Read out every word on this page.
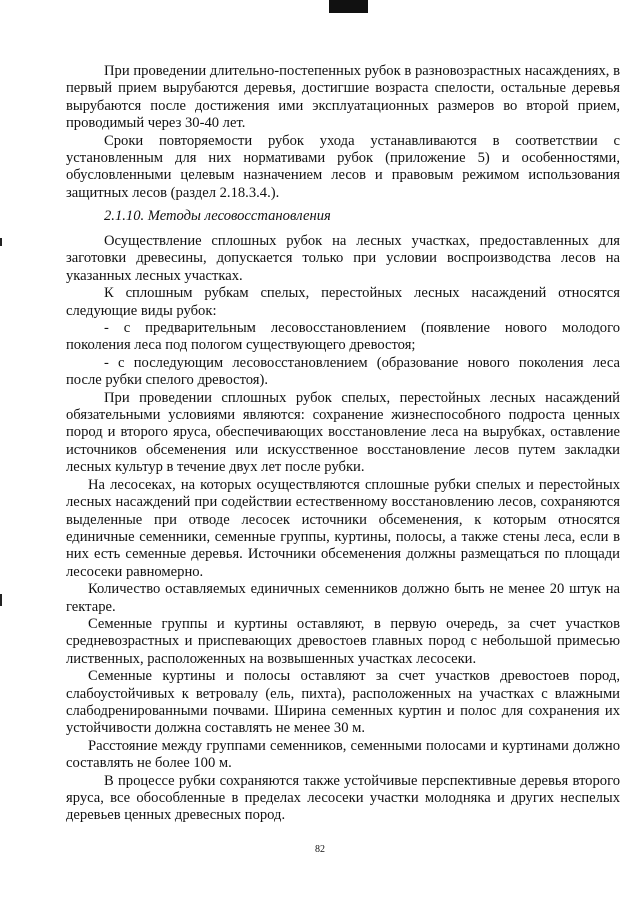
При проведении длительно-постепенных рубок в разновозрастных насаждениях, в первый прием вырубаются деревья, достигшие возраста спелости, остальные деревья вырубаются после достижения ими эксплуатационных размеров во второй прием, проводимый через 30-40 лет.

Сроки повторяемости рубок ухода устанавливаются в соответствии с установленным для них нормативами рубок (приложение 5) и особенностями, обусловленными целевым назначением лесов и правовым режимом использования защитных лесов (раздел 2.18.3.4.).

2.1.10. Методы лесовосстановления

Осуществление сплошных рубок на лесных участках, предоставленных для заготовки древесины, допускается только при условии воспроизводства лесов на указанных лесных участках.

К сплошным рубкам спелых, перестойных лесных насаждений относятся следующие виды рубок:

- с предварительным лесовосстановлением (появление нового молодого поколения леса под пологом существующего древостоя;

- с последующим лесовосстановлением (образование нового поколения леса после рубки спелого древостоя).

При проведении сплошных рубок спелых, перестойных лесных насаждений обязательными условиями являются: сохранение жизнеспособного подроста ценных пород и второго яруса, обеспечивающих восстановление леса на вырубках, оставление источников обсеменения или искусственное восстановление лесов путем закладки лесных культур в течение двух лет после рубки.

На лесосеках, на которых осуществляются сплошные рубки спелых и перестойных лесных насаждений при содействии естественному восстановлению лесов, сохраняются выделенные при отводе лесосек источники обсеменения, к которым относятся единичные семенники, семенные группы, куртины, полосы, а также стены леса, если в них есть семенные деревья. Источники обсеменения должны размещаться по площади лесосеки равномерно.

Количество оставляемых единичных семенников должно быть не менее 20 штук на гектаре.

Семенные группы и куртины оставляют, в первую очередь, за счет участков средневозрастных и приспевающих древостоев главных пород с небольшой примесью лиственных, расположенных на возвышенных участках лесосеки.

Семенные куртины и полосы оставляют за счет участков древостоев пород, слабоустойчивых к ветровалу (ель, пихта), расположенных на участках с влажными слабодренированными почвами. Ширина семенных куртин и полос для сохранения их устойчивости должна составлять не менее 30 м.

Расстояние между группами семенников, семенными полосами и куртинами должно составлять не более 100 м.

В процессе рубки сохраняются также устойчивые перспективные деревья второго яруса, все обособленные в пределах лесосеки участки молодняка и других неспелых деревьев ценных древесных пород.

82
